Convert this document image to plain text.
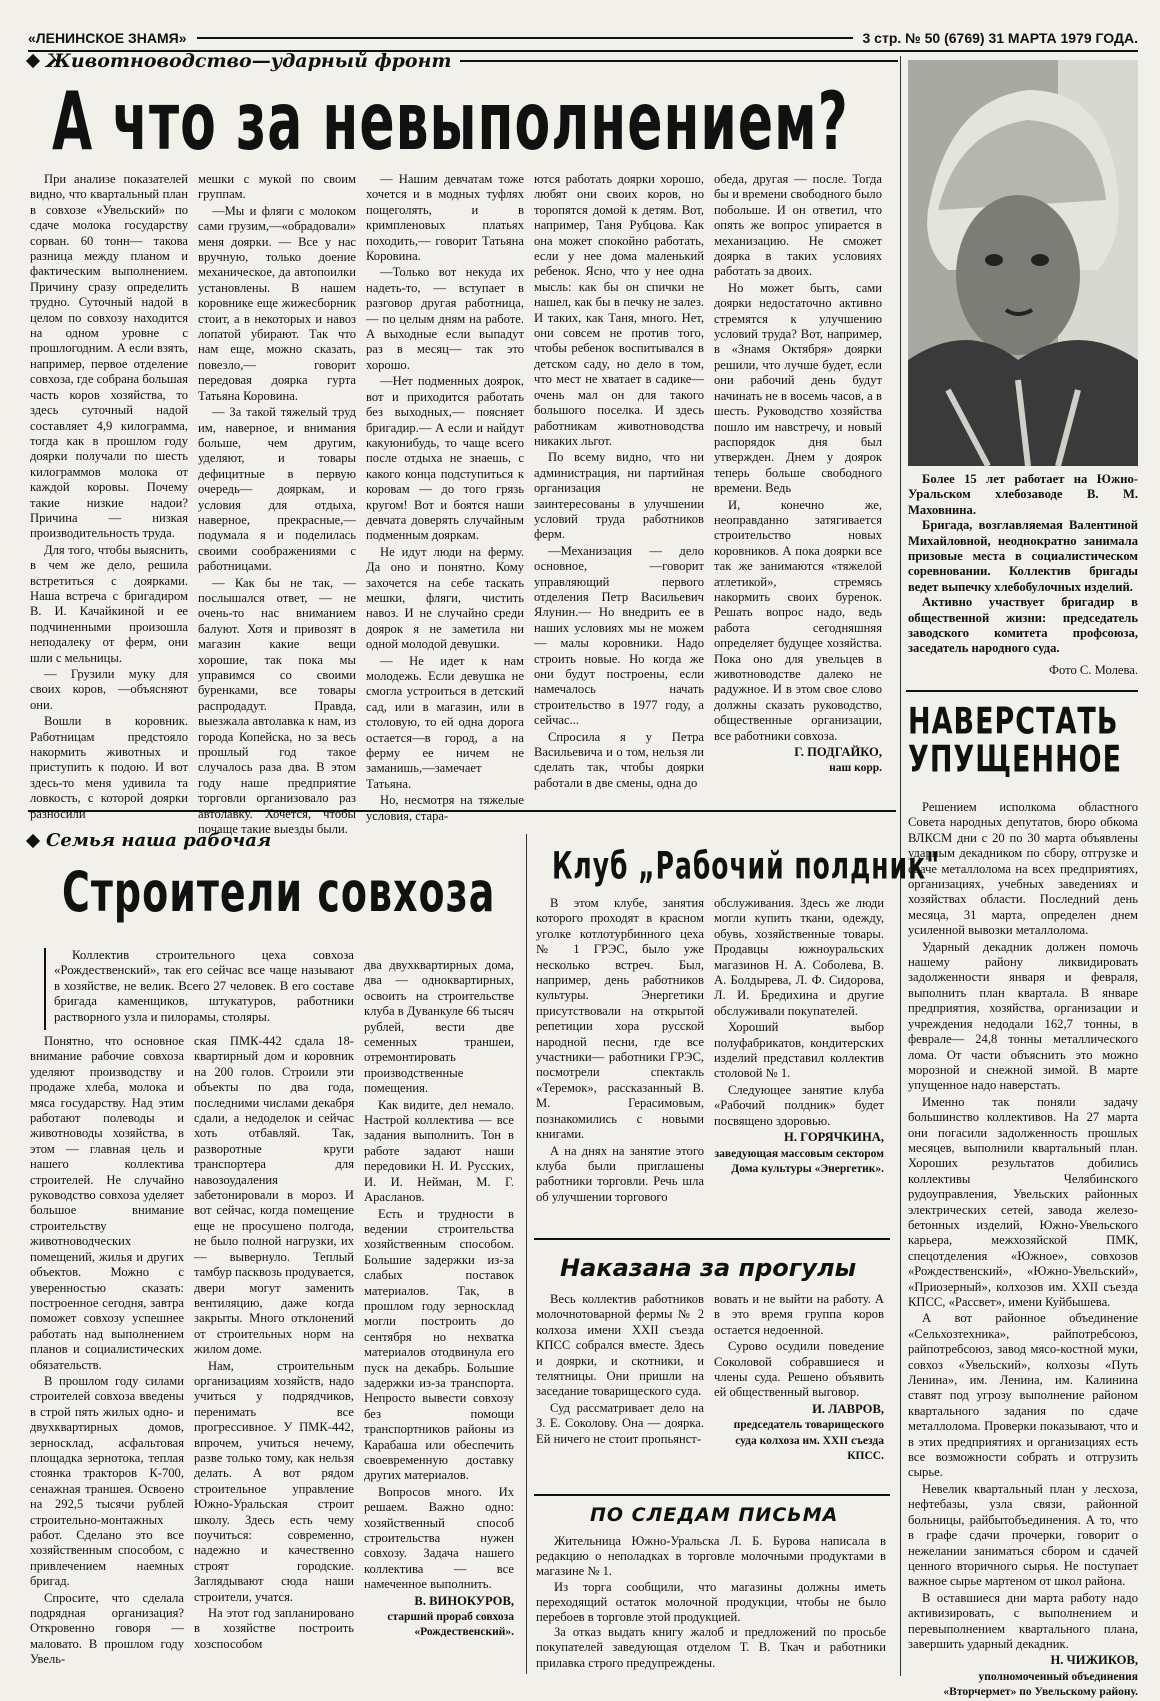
«ЛЕНИНСКОЕ ЗНАМЯ»	3 стр. № 50 (6769) 31 МАРТА 1979 ГОДА.
Животноводство—ударный фронт
А что за невыполнением?

При анализе показателей видно, что квартальный план в совхозе «Увельский» по сдаче молока государству сорван. 60 тонн— такова разница между планом и фактическим выполнением. Причину сразу определить трудно. Суточный надой в целом по совхозу находится на одном уровне с прошлогодним. А если взять, например, первое отделение совхоза, где собрана большая часть коров хозяйства, то здесь суточный надой составляет 4,9 килограмма, тогда как в прошлом году доярки получали по шесть килограммов молока от каждой коровы. Почему такие низкие надои? Причина — низкая производительность труда.

Для того, чтобы выяснить, в чем же дело, решила встретиться с доярками. Наша встреча с бригадиром В. И. Качайкиной и ее подчиненными произошла неподалеку от ферм, они шли с мельницы.

— Грузили муку для своих коров, —объясняют они.

Вошли в коровник. Работницам предстояло накормить животных и приступить к подою. И вот здесь-то меня удивила та ловкость, с которой доярки разносили

мешки с мукой по своим группам.

—Мы и фляги с молоком сами грузим,—«обрадовали» меня доярки. — Все у нас вручную, только доение механическое, да автопоилки установлены. В нашем коровнике еще жижесборник стоит, а в некоторых и навоз лопатой убирают. Так что нам еще, можно сказать, повезло,— говорит передовая доярка гурта Татьяна Коровина.

— За такой тяжелый труд им, наверное, и внимания больше, чем другим, уделяют, и товары дефицитные в первую очередь— дояркам, и условия для отдыха, наверное, прекрасные,— подумала я и поделилась своими соображениями с работницами.

— Как бы не так, — послышался ответ, — не очень-то нас вниманием балуют. Хотя и привозят в магазин какие вещи хорошие, так пока мы управимся со своими буренками, все товары распродадут. Правда, выезжала автолавка к нам, из города Копейска, но за весь прошлый год такое случалось раза два. В этом году наше предприятие торговли организовало раз автолавку. Хочется, чтобы почаще такие выезды были.

— Нашим девчатам тоже хочется и в модных туфлях пощеголять, и в кримпленовых платьях походить,— говорит Татьяна Коровина.

—Только вот некуда их надеть-то, — вступает в разговор другая работница, — по целым дням на работе. А выходные если выпадут раз в месяц— так это хорошо.

—Нет подменных доярок, вот и приходится работать без выходных,— поясняет бригадир.— А если и найдут какуюнибудь, то чаще всего после отдыха не знаешь, с какого конца подступиться к коровам — до того грязь кругом! Вот и боятся наши девчата доверять случайным подменным дояркам.

Не идут люди на ферму. Да оно и понятно. Кому захочется на себе таскать мешки, фляги, чистить навоз. И не случайно среди доярок я не заметила ни одной молодой девушки.

— Не идет к нам молодежь. Если девушка не смогла устроиться в детский сад, или в магазин, или в столовую, то ей одна дорога остается—в город, а на ферму ее ничем не заманишь,—замечает Татьяна.

Но, несмотря на тяжелые условия, стара-

ются работать доярки хорошо, любят они своих коров, но торопятся домой к детям. Вот, например, Таня Рубцова. Как она может спокойно работать, если у нее дома маленький ребенок. Ясно, что у нее одна мысль: как бы он спички не нашел, как бы в печку не залез. И таких, как Таня, много. Нет, они совсем не против того, чтобы ребенок воспитывался в детском саду, но дело в том, что мест не хватает в садике— очень мал он для такого большого поселка. И здесь работникам животноводства никаких льгот.

По всему видно, что ни администрация, ни партийная организация не заинтересованы в улучшении условий труда работников ферм.

—Механизация — дело основное, —говорит управляющий первого отделения Петр Васильевич Ялунин.— Но внедрить ее в наших условиях мы не можем — малы коровники. Надо строить новые. Но когда же они будут построены, если намечалось начать строительство в 1977 году, а сейчас...

Спросила я у Петра Васильевича и о том, нельзя ли сделать так, чтобы доярки работали в две смены, одна до

обеда, другая — после. Тогда бы и времени свободного было побольше. И он ответил, что опять же вопрос упирается в механизацию. Не сможет доярка в таких условиях работать за двоих.

Но может быть, сами доярки недостаточно активно стремятся к улучшению условий труда? Вот, например, в «Знамя Октября» доярки решили, что лучше будет, если они рабочий день будут начинать не в восемь часов, а в шесть. Руководство хозяйства пошло им навстречу, и новый распорядок дня был утвержден. Днем у доярок теперь больше свободного времени. Ведь

И, конечно же, неоправданно затягивается строительство новых коровников. А пока доярки все так же занимаются «тяжелой атлетикой», стремясь накормить своих буренок. Решать вопрос надо, ведь работа сегодняшняя определяет будущее хозяйства. Пока оно для увельцев в животноводстве далеко не радужное. И в этом свое слово должны сказать руководство, общественные организации, все работники совхоза.

Г. ПОДГАЙКО,

наш корр.

Более 15 лет работает на Южно-Уральском хлебозаводе В. М. Маховнина.

Бригада, возглавляемая Валентиной Михайловной, неоднократно занимала призовые места в социалистическом соревновании. Коллектив бригады ведет выпечку хлебобулочных изделий.

Активно участвует бригадир в общественной жизни: председатель заводского комитета профсоюза, заседатель народного суда.

Фото С. Молева.
НАВЕРСТАТЬ УПУЩЕННОЕ

Решением исполкома областного Совета народных депутатов, бюро обкома ВЛКСМ дни с 20 по 30 марта объявлены ударным декадником по сбору, отгрузке и сдаче металлолома на всех предприятиях, организациях, учебных заведениях и хозяйствах области. Последний день месяца, 31 марта, определен днем усиленной вывозки металлолома.

Ударный декадник должен помочь нашему району ликвидировать задолженности января и февраля, выполнить план квартала. В январе предприятия, хозяйства, организации и учреждения недодали 162,7 тонны, в феврале— 24,8 тонны металлического лома. От части объяснить это можно морозной и снежной зимой. В марте упущенное надо наверстать.

Именно так поняли задачу большинство коллективов. На 27 марта они погасили задолженность прошлых месяцев, выполнили квартальный план. Хороших результатов добились коллективы Челябинского рудоуправления, Увельских районных электрических сетей, завода железо-бетонных изделий, Южно-Увельского карьера, межхозяйской ПМК, спецотделения «Южное», совхозов «Рождественский», «Южно-Увельский», «Приозерный», колхозов им. XXII съезда КПСС, «Рассвет», имени Куйбышева.

А вот районное объединение «Сельхозтехника», райпотребсоюз, райпотребсоюз, завод мясо-костной муки, совхоз «Увельский», колхозы «Путь Ленина», им. Ленина, им. Калинина ставят под угрозу выполнение районом квартального задания по сдаче металлолома. Проверки показывают, что и в этих предприятиях и организациях есть все возможности собрать и отгрузить сырье.

Невелик квартальный план у лесхоза, нефтебазы, узла связи, районной больницы, райбытобъединения. А то, что в графе сдачи прочерки, говорит о нежелании заниматься сбором и сдачей ценного вторичного сырья. Не поступает важное сырье мартеном от школ района.

В оставшиеся дни марта работу надо активизировать, с выполнением и перевыполнением квартального плана, завершить ударный декадник.

Н. ЧИЖИКОВ,

уполномоченный объединения «Вторчермет» по Увельскому району.

Семья наша рабочая
Строители совхоза

Коллектив строительного цеха совхоза «Рождественский», так его сейчас все чаще называют в хозяйстве, не велик. Всего 27 человек. В его составе бригада каменщиков, штукатуров, работники растворного узла и пилорамы, столяры.

Понятно, что основное внимание рабочие совхоза уделяют производству и продаже хлеба, молока и мяса государству. Над этим работают полеводы и животноводы хозяйства, в этом — главная цель и нашего коллектива строителей. Не случайно руководство совхоза уделяет большое внимание строительству животноводческих помещений, жилья и других объектов. Можно с уверенностью сказать: построенное сегодня, завтра поможет совхозу успешнее работать над выполнением планов и социалистических обязательств.

В прошлом году силами строителей совхоза введены в строй пять жилых одно- и двухквартирных домов, зерносклад, асфальтовая площадка зернотока, теплая стоянка тракторов К-700, сенажная траншея. Освоено на 292,5 тысячи рублей строительно-монтажных работ. Сделано это все хозяйственным способом, с привлечением наемных бригад.

Спросите, что сделала подрядная организация? Откровенно говоря — маловато. В прошлом году Увель-

ская ПМК-442 сдала 18-квартирный дом и коровник на 200 голов. Строили эти объекты по два года, последними числами декабря сдали, а недоделок и сейчас хоть отбавляй. Так, разворотные круги транспортера для навозоудаления забетонировали в мороз. И вот сейчас, когда помещение еще не просушено полгода, не было полной нагрузки, их — вывернуло. Теплый тамбур пасквозь продувается, двери могут заменить вентиляцию, даже когда закрыты. Много отклонений от строительных норм на жилом доме.

Нам, строительным организациям хозяйств, надо учиться у подрядчиков, перенимать все прогрессивное. У ПМК-442, впрочем, учиться нечему, разве только тому, как нельзя делать. А вот рядом строительное управление Южно-Уральская строит школу. Здесь есть чему поучиться: современно, надежно и качественно строят городские. Заглядывают сюда наши строители, учатся.

На этот год запланировано в хозяйстве построить хозспособом

два двухквартирных дома, два — одноквартирных, освоить на строительстве клуба в Дуванкуле 66 тысяч рублей, вести две семенных траншеи, отремонтировать производственные помещения.

Как видите, дел немало. Настрой коллектива — все задания выполнить. Тон в работе задают наши передовики Н. И. Русских, И. И. Нейман, М. Г. Арасланов.

Есть и трудности в ведении строительства хозяйственным способом. Большие задержки из-за слабых поставок материалов. Так, в прошлом году зерносклад могли построить до сентября но нехватка материалов отодвинула его пуск на декабрь. Большие задержки из-за транспорта. Непросто вывести совхозу без помощи транспортников районы из Карабаша или обеспечить своевременную доставку других материалов.

Вопросов много. Их решаем. Важно одно: хозяйственный способ строительства нужен совхозу. Задача нашего коллектива — все намеченное выполнить.

В. ВИНОКУРОВ,

старший прораб совхоза «Рождественский».

Клуб „Рабочий полдник"

В этом клубе, занятия которого проходят в красном уголке котлотурбинного цеха № 1 ГРЭС, было уже несколько встреч. Был, например, день работников культуры. Энергетики присутствовали на открытой репетиции хора русской народной песни, где все участники— работники ГРЭС, посмотрели спектакль «Теремок», рассказанный В. М. Герасимовым, познакомились с новыми книгами.

А на днях на занятие этого клуба были приглашены работники торговли. Речь шла об улучшении торгового

обслуживания. Здесь же люди могли купить ткани, одежду, обувь, хозяйственные товары. Продавцы южноуральских магазинов Н. А. Соболева, В. А. Болдырева, Л. Ф. Сидорова, Л. И. Бредихина и другие обслуживали покупателей.

Хороший выбор полуфабрикатов, кондитерских изделий представил коллектив столовой № 1.

Следующее занятие клуба «Рабочий полдник» будет посвящено здоровью.

Н. ГОРЯЧКИНА,

заведующая массовым сектором Дома культуры «Энергетик».

Наказана за прогулы

Весь коллектив работников молочнотоварной фермы № 2 колхоза имени XXII съезда КПСС собрался вместе. Здесь и доярки, и скотники, и телятницы. Они пришли на заседание товарищеского суда.

Суд рассматривает дело на З. Е. Соколову. Она — доярка. Ей ничего не стоит пропьянст-

вовать и не выйти на работу. А в это время группа коров остается недоенной.

Сурово осудили поведение Соколовой собравшиеся и члены суда. Решено объявить ей общественный выговор.

И. ЛАВРОВ,

председатель товарищеского суда колхоза им. XXII съезда КПСС.

ПО СЛЕДАМ ПИСЬМА

Жительница Южно-Уральска Л. Б. Бурова написала в редакцию о неполадках в торговле молочными продуктами в магазине № 1.

Из торга сообщили, что магазины должны иметь переходящий остаток молочной продукции, чтобы не было перебоев в торговле этой продукцией.

За отказ выдать книгу жалоб и предложений по просьбе покупателей заведующая отделом Т. В. Ткач и работники прилавка строго предупреждены.
